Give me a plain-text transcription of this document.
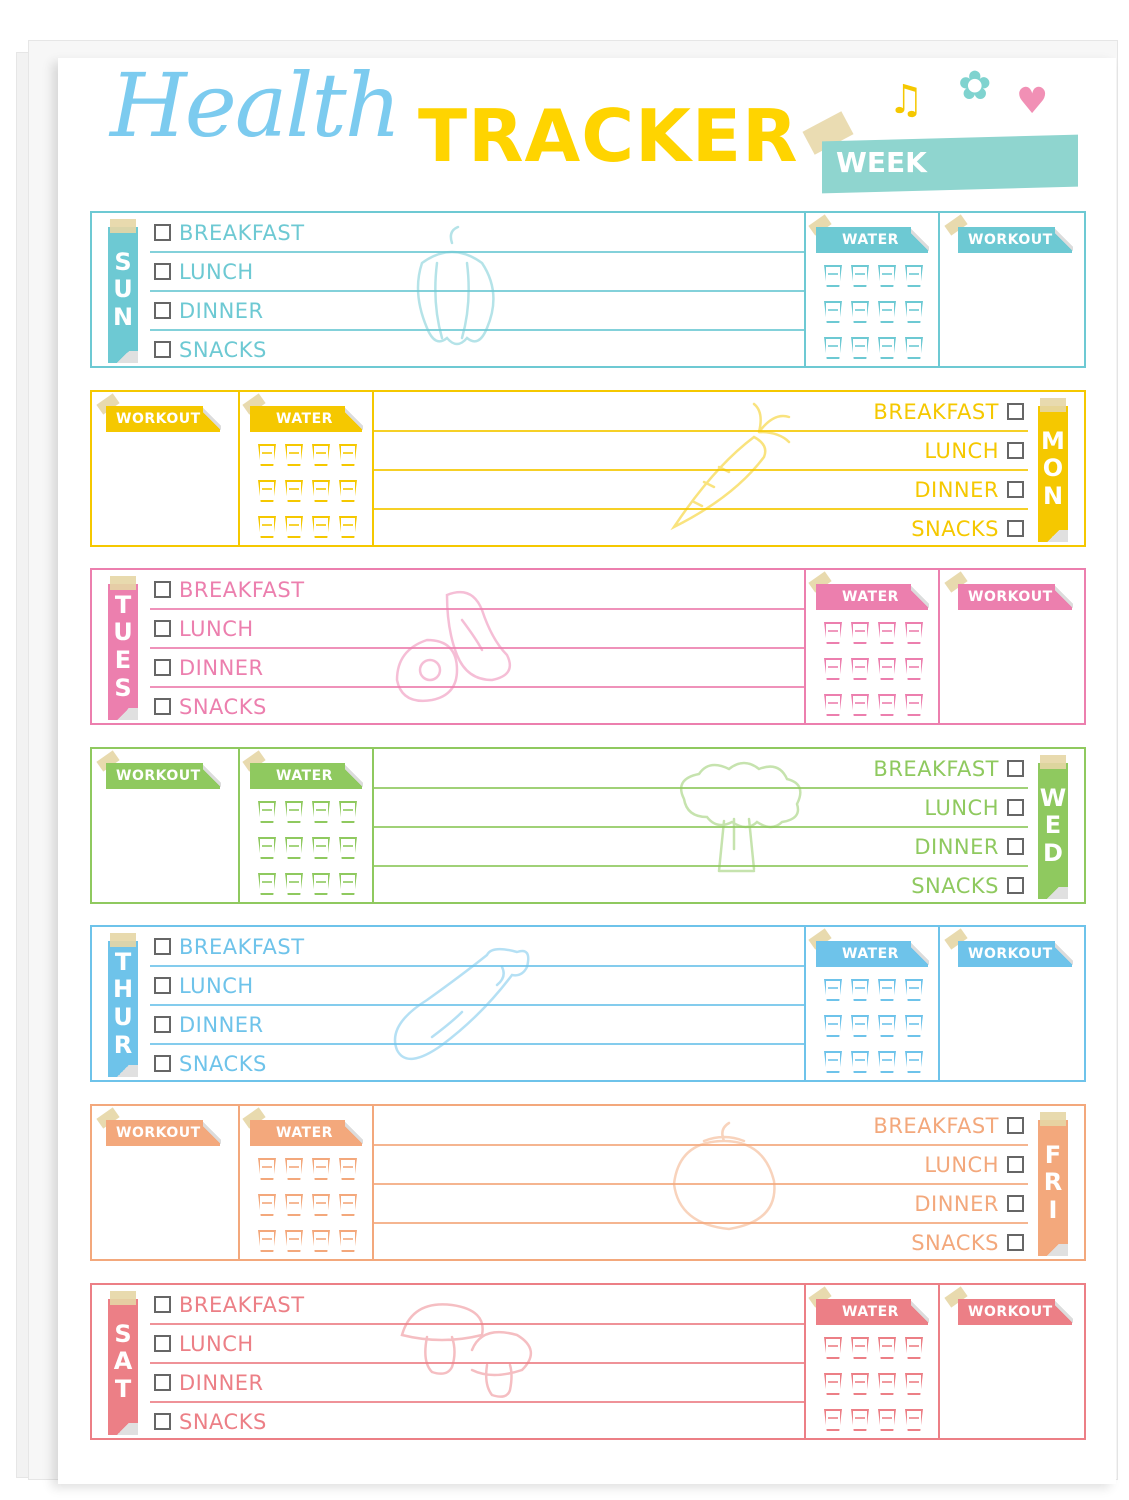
Health TRACKER WEEK
♫ ✿ ♥
WATER	WORKOUT
BREAKFAST
LUNCH
DINNER
SNACKS
S
U
N
WATER
WORKOUT	BREAKFAST
LUNCH
DINNER
SNACKS
M
O
N
WATER	WORKOUT
BREAKFAST
LUNCH
DINNER
SNACKS
T
U
E
S
WATER
WORKOUT	BREAKFAST
LUNCH
DINNER
SNACKS
W
E
D
WATER	WORKOUT
BREAKFAST
LUNCH
DINNER
SNACKS
T
H
U
R
WATER
WORKOUT	BREAKFAST
LUNCH
DINNER
SNACKS
F
R
I
WATER	WORKOUT
BREAKFAST
LUNCH
DINNER
SNACKS
S
A
T
